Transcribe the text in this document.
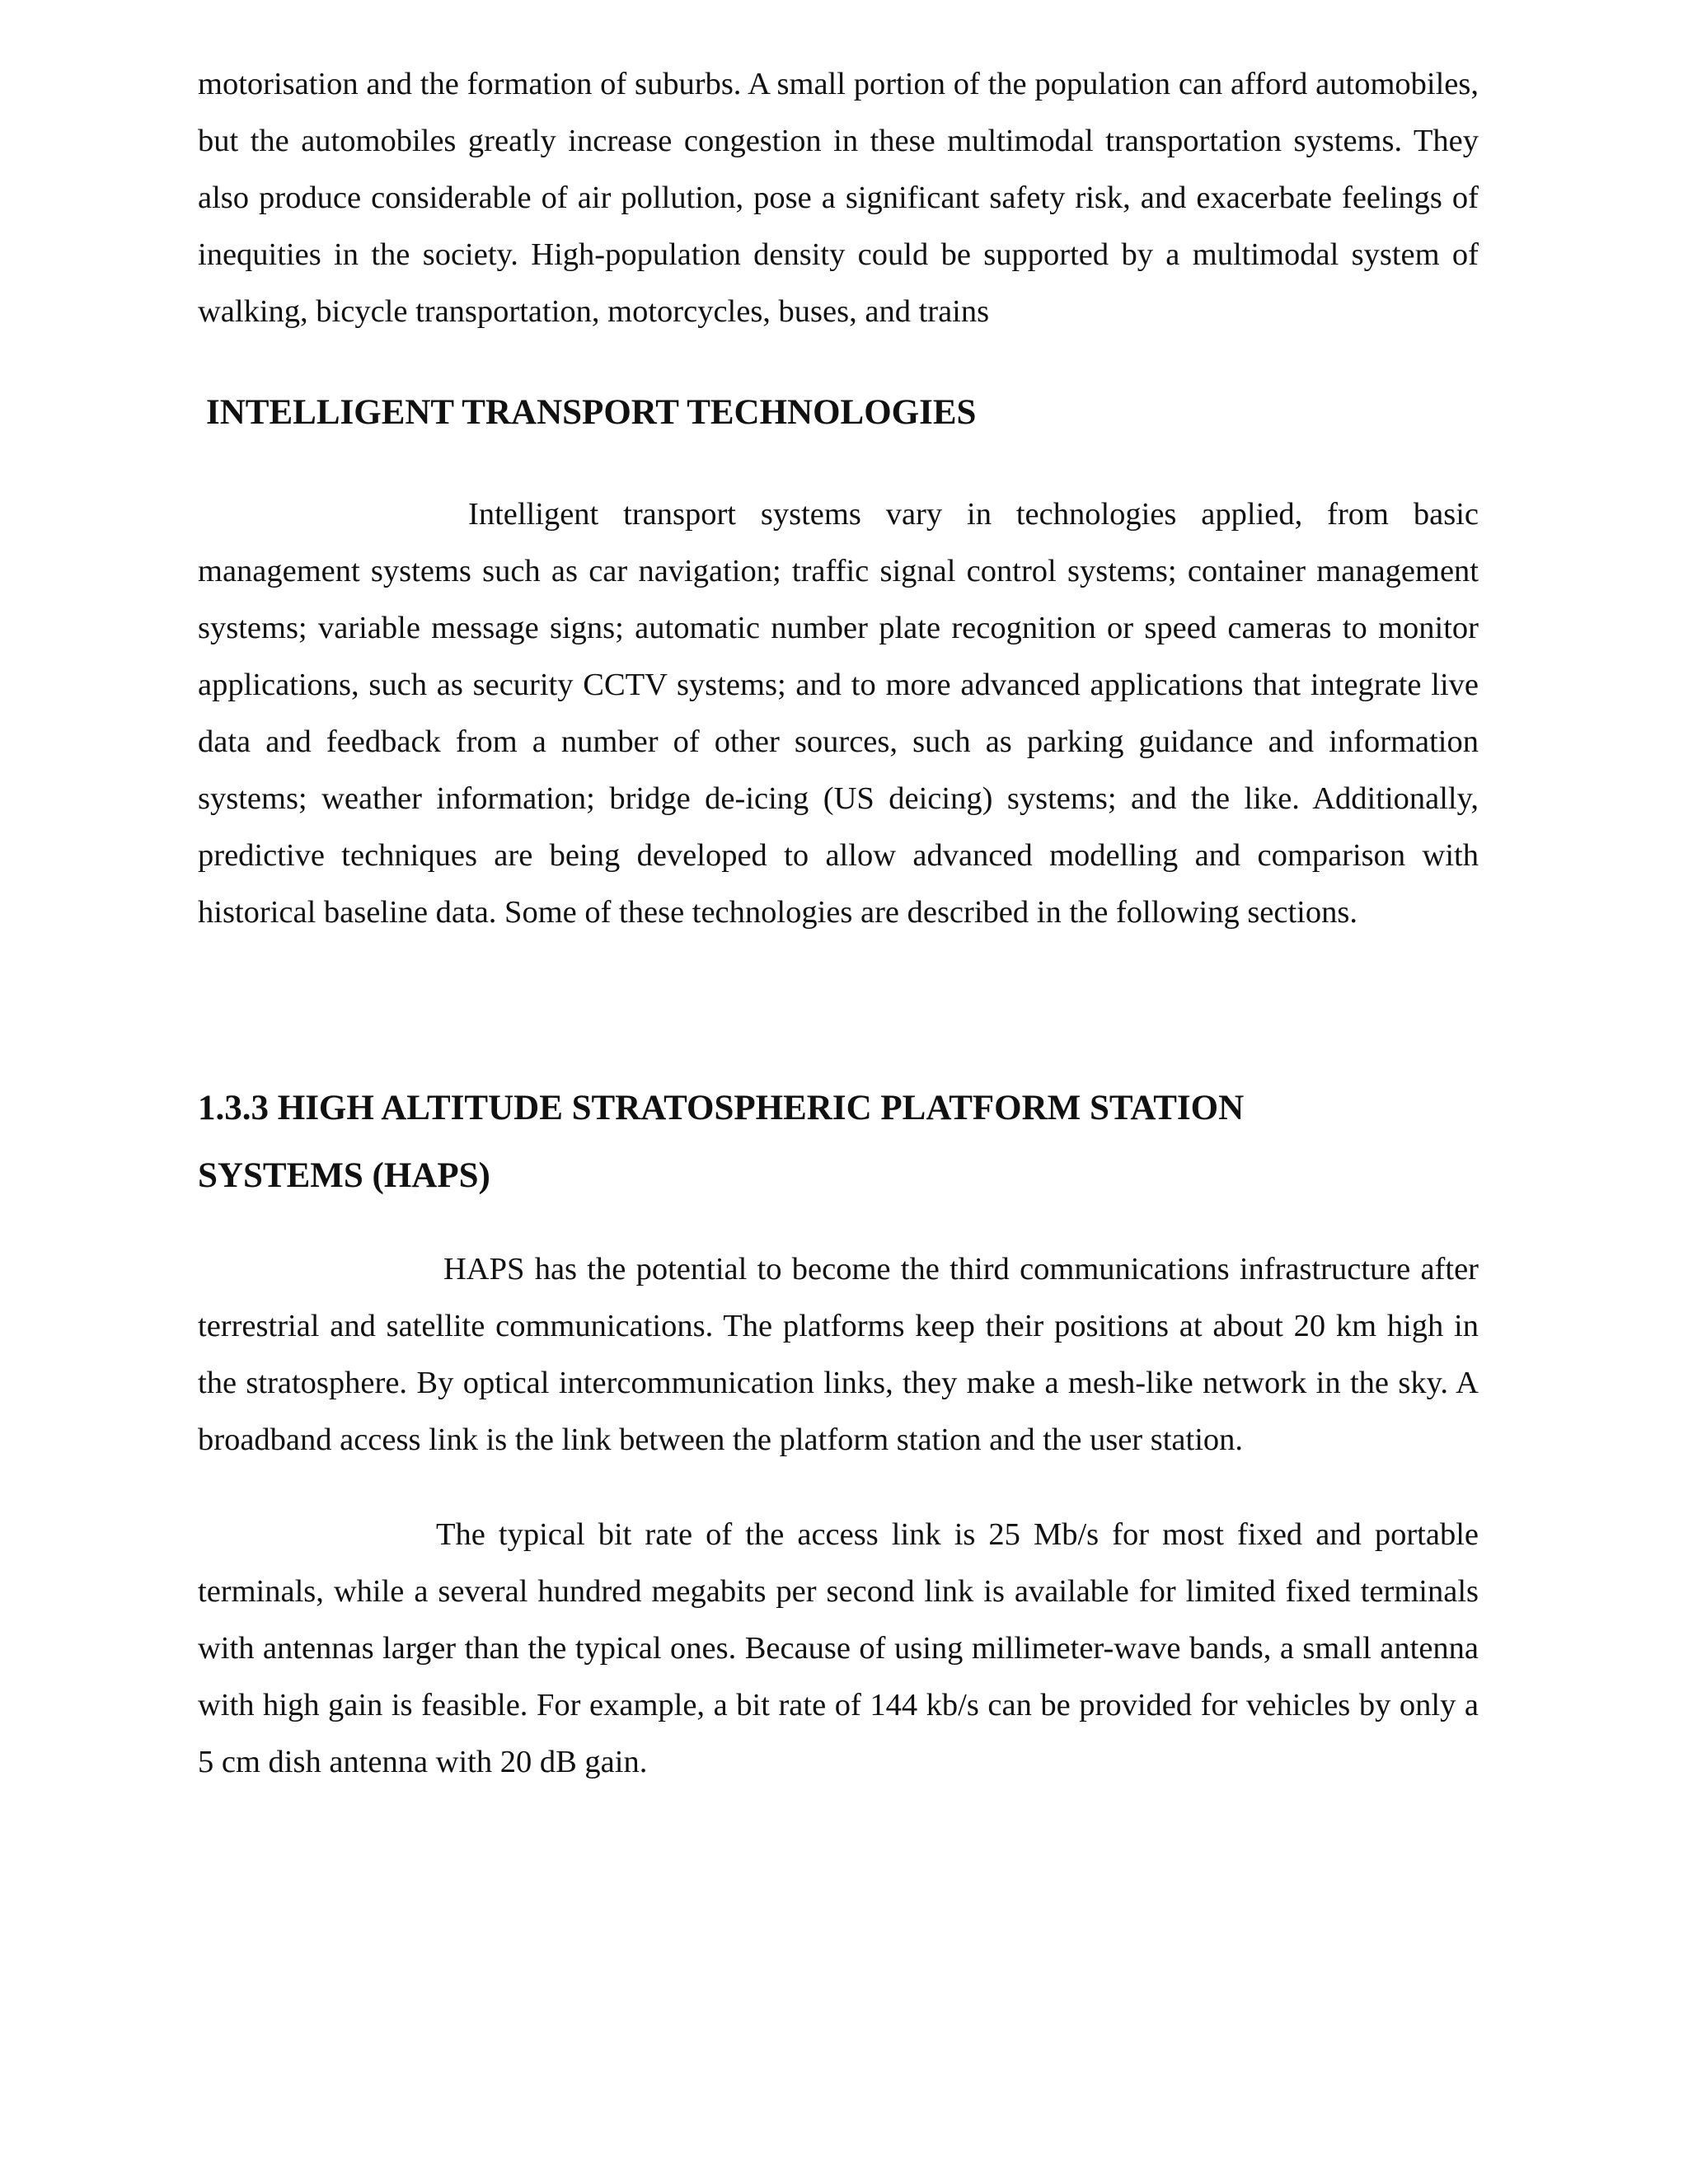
motorisation and the formation of suburbs. A small portion of the population can afford automobiles, but the automobiles greatly increase congestion in these multimodal transportation systems. They also produce considerable of air pollution, pose a significant safety risk, and exacerbate feelings of inequities in the society. High-population density could be supported by a multimodal system of walking, bicycle transportation, motorcycles, buses, and trains

INTELLIGENT TRANSPORT TECHNOLOGIES

Intelligent transport systems vary in technologies applied, from basic management systems such as car navigation; traffic signal control systems; container management systems; variable message signs; automatic number plate recognition or speed cameras to monitor applications, such as security CCTV systems; and to more advanced applications that integrate live data and feedback from a number of other sources, such as parking guidance and information systems; weather information; bridge de-icing (US deicing) systems; and the like. Additionally, predictive techniques are being developed to allow advanced modelling and comparison with historical baseline data. Some of these technologies are described in the following sections.

1.3.3 HIGH ALTITUDE STRATOSPHERIC PLATFORM STATION
SYSTEMS (HAPS)

HAPS has the potential to become the third communications infrastructure after terrestrial and satellite communications. The platforms keep their positions at about 20 km high in the stratosphere. By optical intercommunication links, they make a mesh-like network in the sky. A broadband access link is the link between the platform station and the user station.

The typical bit rate of the access link is 25 Mb/s for most fixed and portable terminals, while a several hundred megabits per second link is available for limited fixed terminals with antennas larger than the typical ones. Because of using millimeter-wave bands, a small antenna with high gain is feasible. For example, a bit rate of 144 kb/s can be provided for vehicles by only a 5 cm dish antenna with 20 dB gain.
